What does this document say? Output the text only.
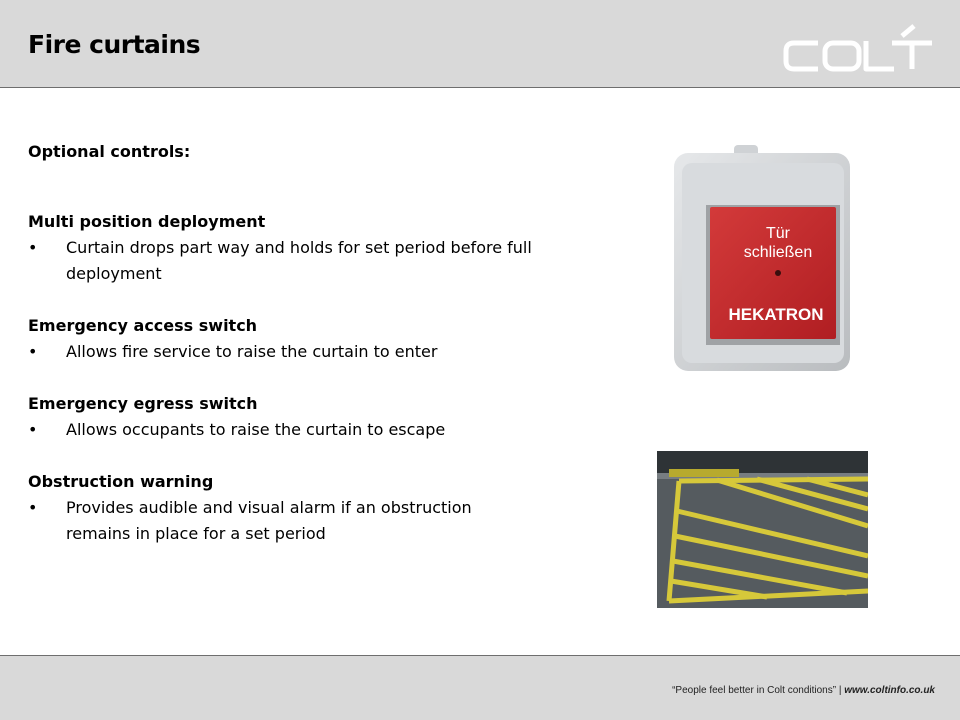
Fire curtains
Optional controls:
Multi position deployment
• Curtain drops part way and holds for set period before full deployment
Emergency access switch
• Allows fire service to raise the curtain to enter
Emergency egress switch
• Allows occupants to raise the curtain to escape
Obstruction warning
• Provides audible and visual alarm if an obstruction remains in place for a set period
Tür
schließen
HEKATRON
“People feel better in Colt conditions” | www.coltinfo.co.uk
